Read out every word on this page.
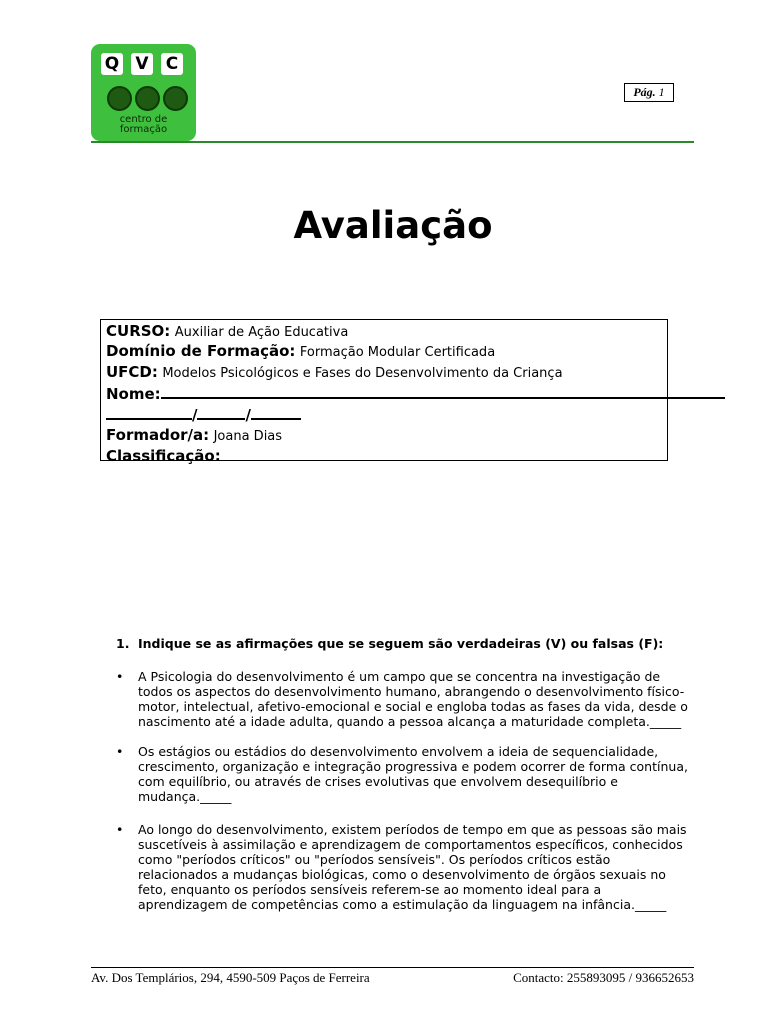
Q V C
centro de
formação
Pág. 1
Avaliação
CURSO: Auxiliar de Ação Educativa
Domínio de Formação: Formação Modular Certificada
UFCD: Modelos Psicológicos e Fases do Desenvolvimento da Criança
Nome:
/	/
Formador/a: Joana Dias
Classificação:
1. Indique se as afirmações que se seguem são verdadeiras (V) ou falsas (F):
•	A Psicologia do desenvolvimento é um campo que se concentra na investigação de todos os aspectos do desenvolvimento humano, abrangendo o desenvolvimento físico-motor, intelectual, afetivo-emocional e social e engloba todas as fases da vida, desde o nascimento até a idade adulta, quando a pessoa alcança a maturidade completa._____
•	Os estágios ou estádios do desenvolvimento envolvem a ideia de sequencialidade, crescimento, organização e integração progressiva e podem ocorrer de forma contínua, com equilíbrio, ou através de crises evolutivas que envolvem desequilíbrio e mudança._____
•	Ao longo do desenvolvimento, existem períodos de tempo em que as pessoas são mais suscetíveis à assimilação e aprendizagem de comportamentos específicos, conhecidos como "períodos críticos" ou "períodos sensíveis". Os períodos críticos estão relacionados a mudanças biológicas, como o desenvolvimento de órgãos sexuais no feto, enquanto os períodos sensíveis referem-se ao momento ideal para a aprendizagem de competências como a estimulação da linguagem na infância._____
Av. Dos Templários, 294, 4590-509 Paços de Ferreira	Contacto: 255893095 / 936652653
